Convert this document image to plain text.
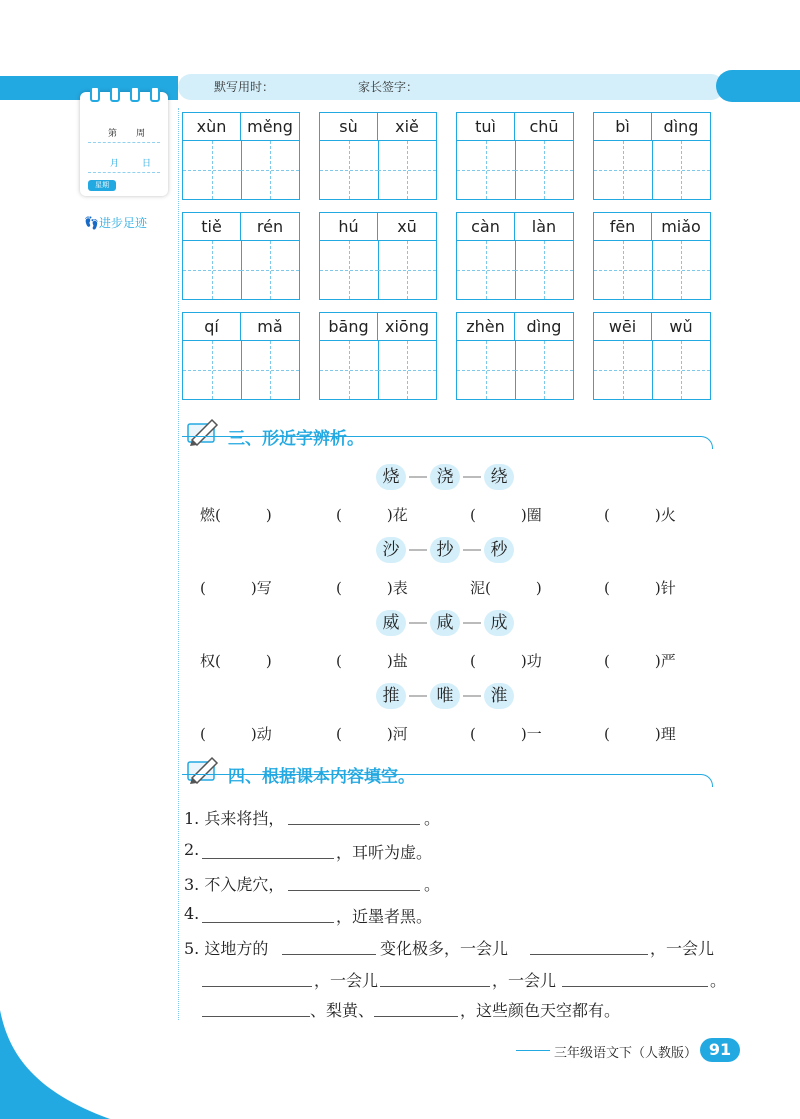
默写用时：	家长签字：
第 周
月	日
星期
👣进步足迹
xùn	měng	sù	xiě	tuì	chū	bì	dìng
tiě	rén	hú	xū	càn	làn	fēn	miǎo
qí	mǎ	bāng	xiōng	zhèn	dìng	wēi	wǔ
三、形近字辨析。
烧 浇 绕
燃(　　　)	(　　　)花	(　　　)圈	(　　　)火
沙 抄 秒
(　　　)写	(　　　)表	泥(　　　)	(　　　)针
威 咸 成
权(　　　)	(　　　)盐	(　　　)功	(　　　)严
推 唯 淮
(　　　)动	(　　　)河	(　　　)一	(　　　)理
四、根据课本内容填空。
1. 兵来将挡，	。
2.	，耳听为虚。
3. 不入虎穴，	。
4.	，近墨者黑。
5. 这地方的	变化极多，一会儿	，一会儿
，一会儿	，一会儿	。
、梨黄、	，这些颜色天空都有。
三年级语文下（人教版） 91
